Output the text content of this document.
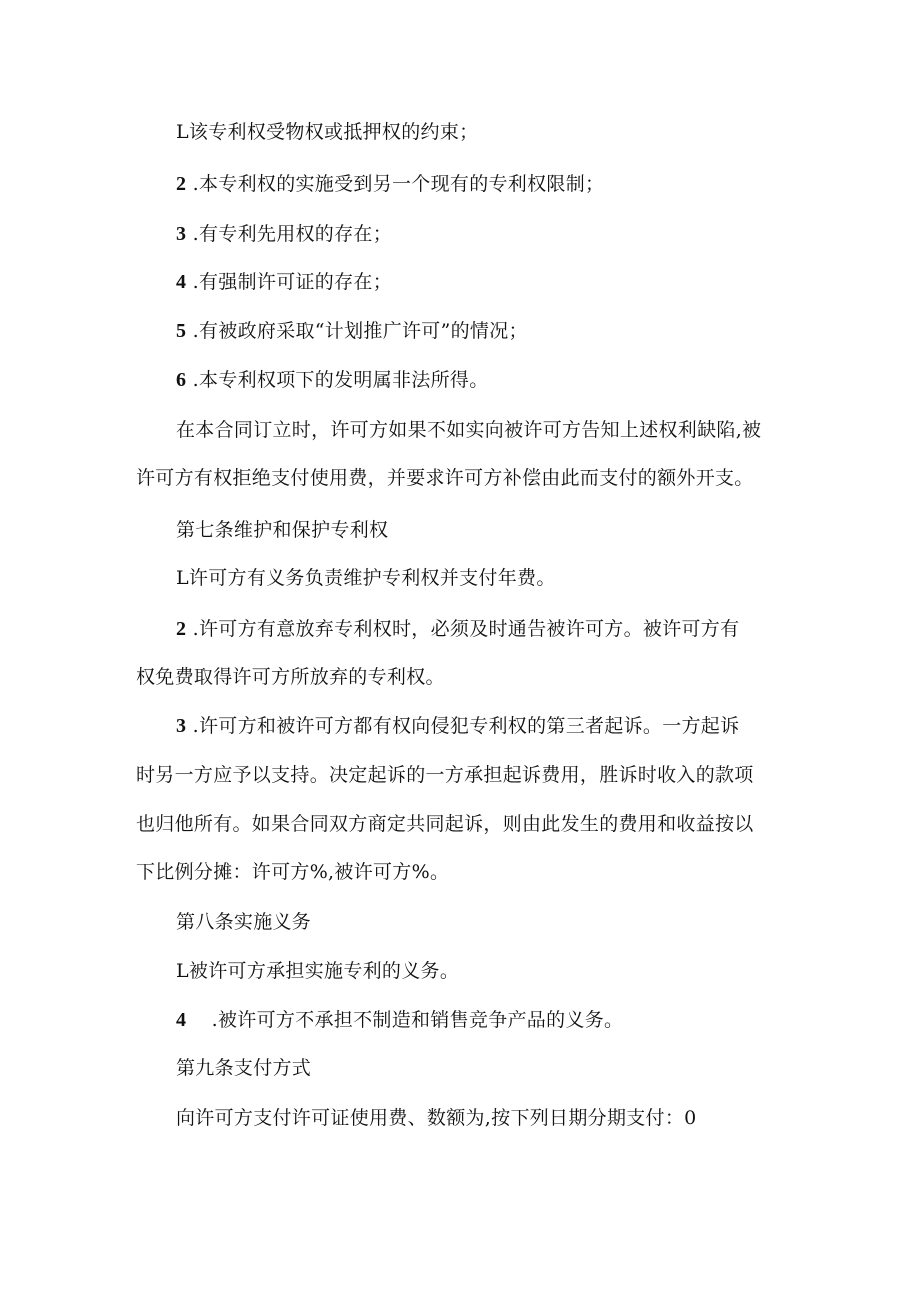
L该专利权受物权或抵押权的约束；
2 .本专利权的实施受到另一个现有的专利权限制；
3 .有专利先用权的存在；
4 .有强制许可证的存在；
5 .有被政府采取“计划推广许可”的情况；
6 .本专利权项下的发明属非法所得。
在本合同订立时，许可方如果不如实向被许可方告知上述权利缺陷,被
许可方有权拒绝支付使用费，并要求许可方补偿由此而支付的额外开支。
第七条维护和保护专利权
L许可方有义务负责维护专利权并支付年费。
2 .许可方有意放弃专利权时，必须及时通告被许可方。被许可方有
权免费取得许可方所放弃的专利权。
3 .许可方和被许可方都有权向侵犯专利权的第三者起诉。一方起诉
时另一方应予以支持。决定起诉的一方承担起诉费用，胜诉时收入的款项
也归他所有。如果合同双方商定共同起诉，则由此发生的费用和收益按以
下比例分摊：许可方%,被许可方%。
第八条实施义务
L被许可方承担实施专利的义务。
4    .被许可方不承担不制造和销售竞争产品的义务。
第九条支付方式
向许可方支付许可证使用费、数额为,按下列日期分期支付：0
